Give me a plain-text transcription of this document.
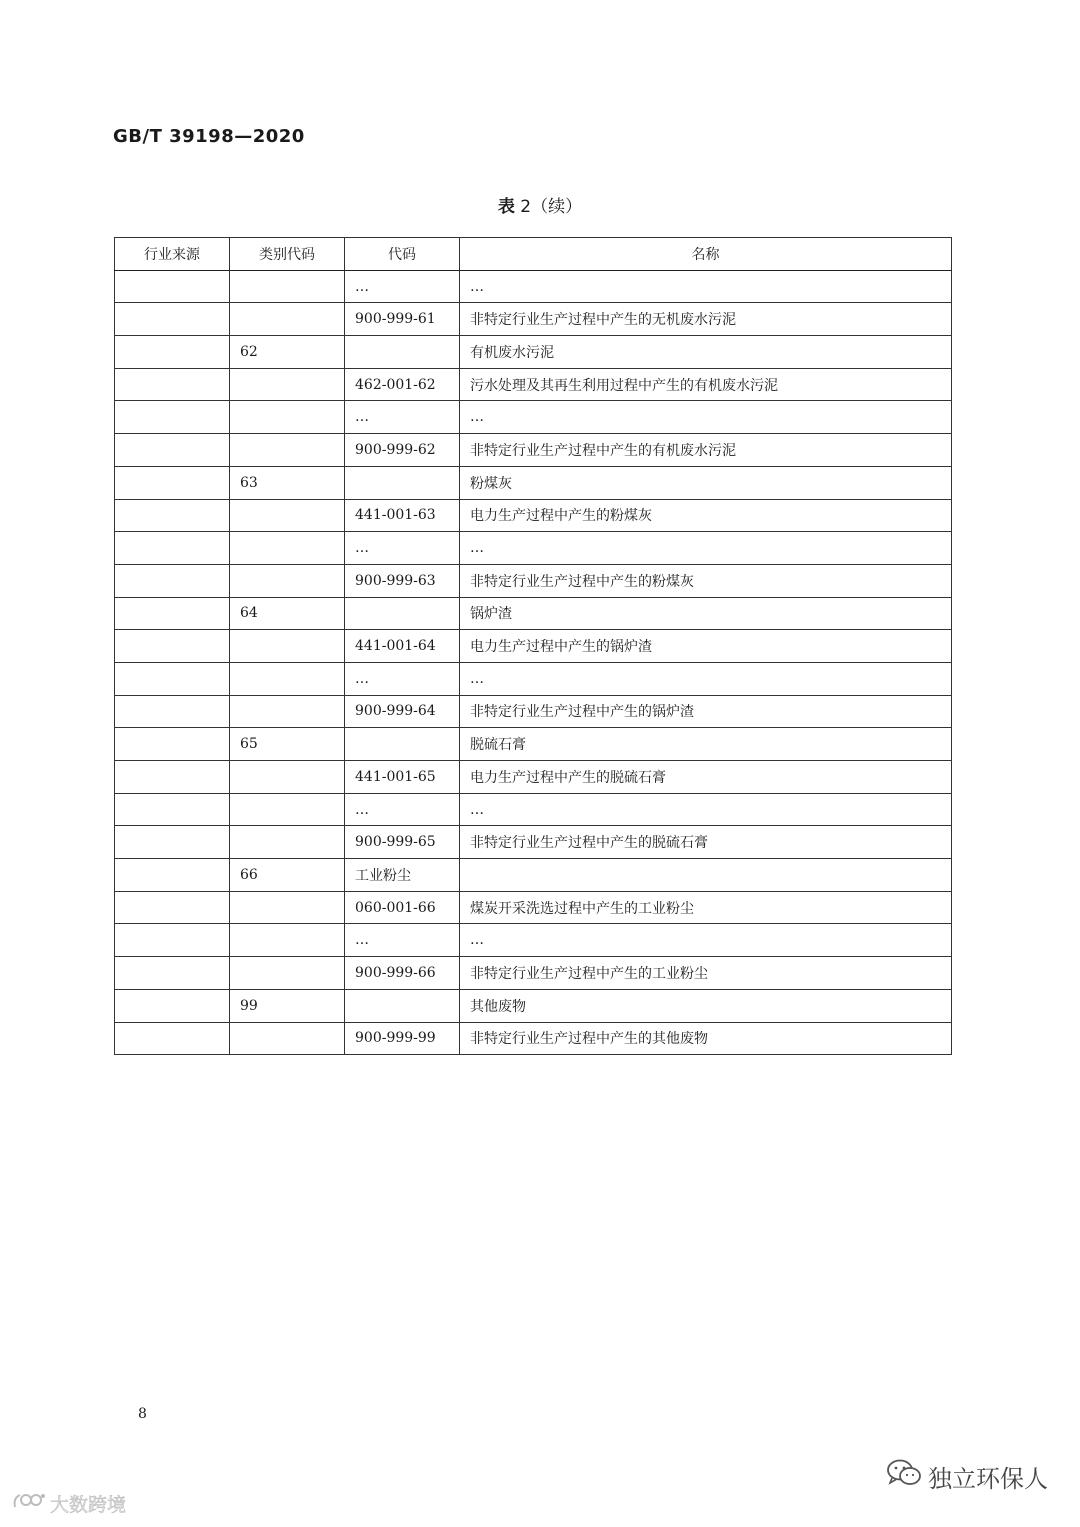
GB/T 39198—2020
表 2（续）
行业来源	类别代码	代码	名称
		…	…
		900-999-61	非特定行业生产过程中产生的无机废水污泥
	62		有机废水污泥
		462-001-62	污水处理及其再生利用过程中产生的有机废水污泥
		…	…
		900-999-62	非特定行业生产过程中产生的有机废水污泥
	63		粉煤灰
		441-001-63	电力生产过程中产生的粉煤灰
		…	…
		900-999-63	非特定行业生产过程中产生的粉煤灰
	64		锅炉渣
		441-001-64	电力生产过程中产生的锅炉渣
		…	…
		900-999-64	非特定行业生产过程中产生的锅炉渣
	65		脱硫石膏
		441-001-65	电力生产过程中产生的脱硫石膏
		…	…
		900-999-65	非特定行业生产过程中产生的脱硫石膏
	66	工业粉尘	
		060-001-66	煤炭开采洗选过程中产生的工业粉尘
		…	…
		900-999-66	非特定行业生产过程中产生的工业粉尘
	99		其他废物
		900-999-99	非特定行业生产过程中产生的其他废物
8
大数跨境
独立环保人
